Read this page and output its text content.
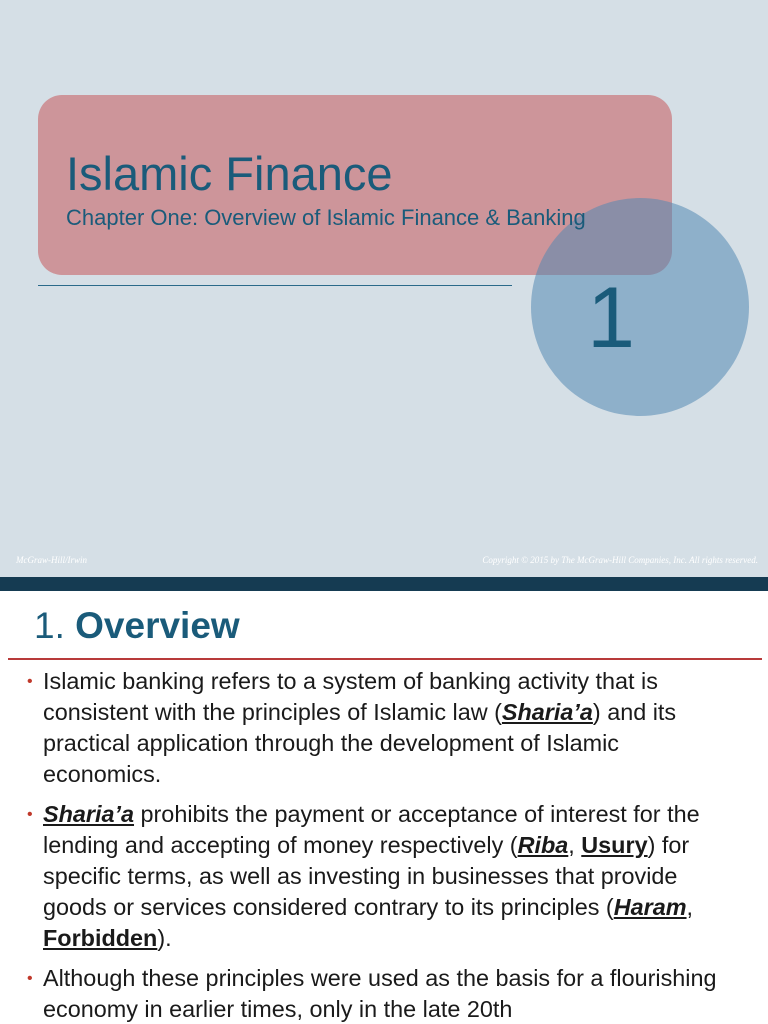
Islamic Finance
Chapter One: Overview of Islamic Finance & Banking
1
McGraw-Hill/Irwin	Copyright © 2015 by The McGraw-Hill Companies, Inc. All rights reserved.
1. Overview
• Islamic banking refers to a system of banking activity that is consistent with the principles of Islamic law (Sharia’a) and its practical application through the development of Islamic economics.
• Sharia’a prohibits the payment or acceptance of interest for the lending and accepting of money respectively (Riba, Usury) for specific terms, as well as investing in businesses that provide goods or services considered contrary to its principles (Haram, Forbidden).
• Although these principles were used as the basis for a flourishing economy in earlier times, only in the late 20th
